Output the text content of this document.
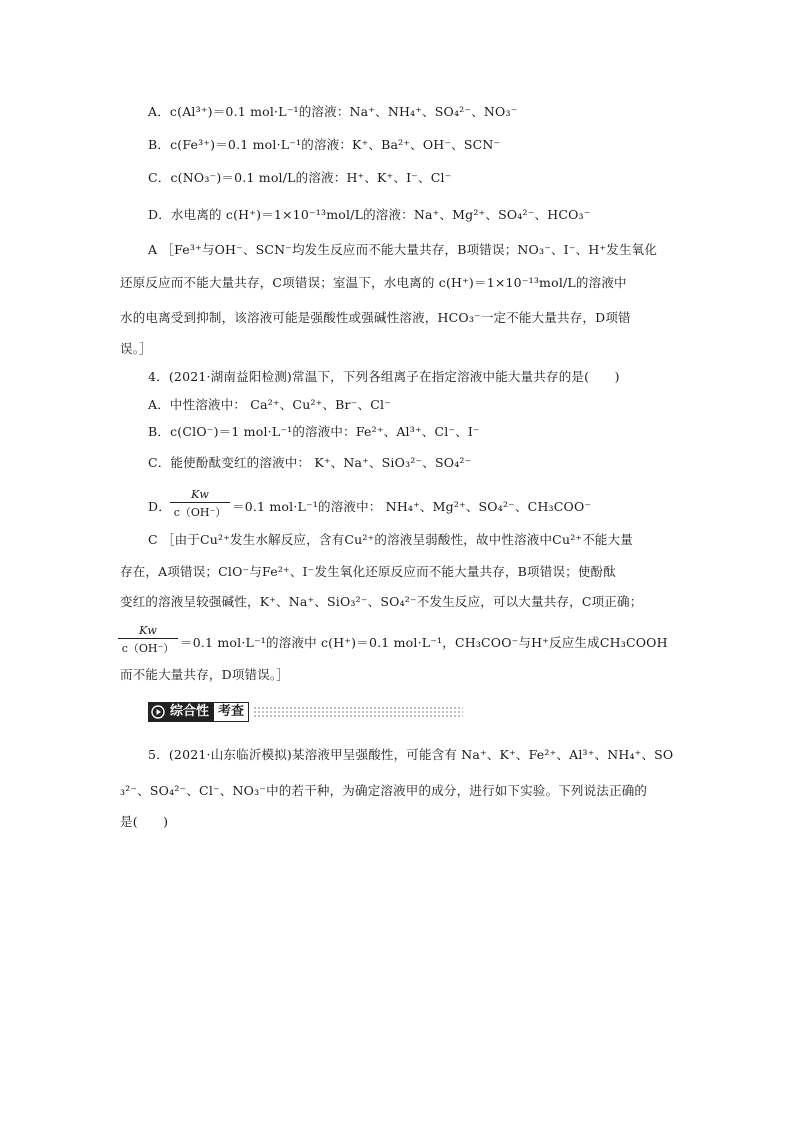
A．c(Al³⁺)＝0.1 mol·L⁻¹的溶液：Na⁺、NH₄⁺、SO₄²⁻、NO₃⁻
B．c(Fe³⁺)＝0.1 mol·L⁻¹的溶液：K⁺、Ba²⁺、OH⁻、SCN⁻
C．c(NO₃⁻)＝0.1 mol/L的溶液：H⁺、K⁺、I⁻、Cl⁻
D．水电离的 c(H⁺)＝1×10⁻¹³mol/L的溶液：Na⁺、Mg²⁺、SO₄²⁻、HCO₃⁻
A ［Fe³⁺与OH⁻、SCN⁻均发生反应而不能大量共存，B项错误；NO₃⁻、I⁻、H⁺发生氧化
还原反应而不能大量共存，C项错误；室温下，水电离的 c(H⁺)＝1×10⁻¹³mol/L的溶液中
水的电离受到抑制，该溶液可能是强酸性或强碱性溶液，HCO₃⁻一定不能大量共存，D项错
误。］
4．(2021·湖南益阳检测)常温下，下列各组离子在指定溶液中能大量共存的是(　　)
A．中性溶液中： Ca²⁺、Cu²⁺、Br⁻、Cl⁻
B．c(ClO⁻)＝1 mol·L⁻¹的溶液中：Fe²⁺、Al³⁺、Cl⁻、I⁻
C．能使酚酞变红的溶液中： K⁺、Na⁺、SiO₃²⁻、SO₄²⁻
D．
Kw
c（OH⁻） ＝0.1 mol·L⁻¹的溶液中： NH₄⁺、Mg²⁺、SO₄²⁻、CH₃COO⁻
C ［由于Cu²⁺发生水解反应，含有Cu²⁺的溶液呈弱酸性，故中性溶液中Cu²⁺不能大量
存在，A项错误；ClO⁻与Fe²⁺、I⁻发生氧化还原反应而不能大量共存，B项错误；使酚酞
变红的溶液呈较强碱性，K⁺、Na⁺、SiO₃²⁻、SO₄²⁻不发生反应，可以大量共存，C项正确；
Kw
c（OH⁻） ＝0.1 mol·L⁻¹的溶液中 c(H⁺)＝0.1 mol·L⁻¹，CH₃COO⁻与H⁺反应生成CH₃COOH
而不能大量共存，D项错误。］
综合性 考查
5．(2021·山东临沂模拟)某溶液甲呈强酸性，可能含有 Na⁺、K⁺、Fe²⁺、Al³⁺、NH₄⁺、SO
₃²⁻、SO₄²⁻、Cl⁻、NO₃⁻中的若干种，为确定溶液甲的成分，进行如下实验。下列说法正确的
是(　　)
